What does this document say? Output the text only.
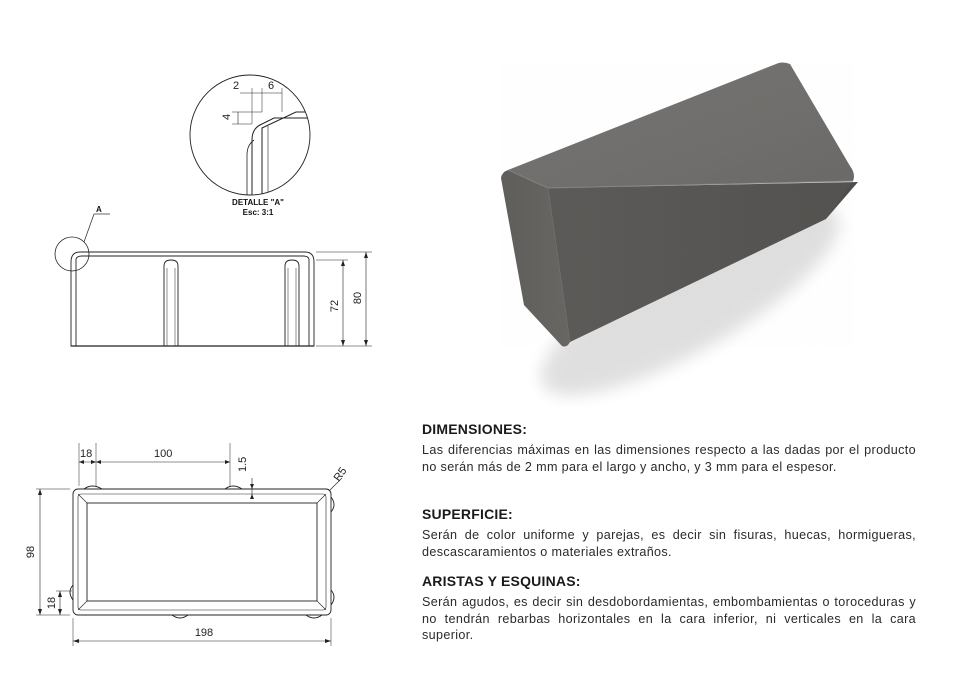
2	6
4
DETALLE "A"
Esc: 3:1
A
72
80
18	100
1.5
R5
98
18
198
DIMENSIONES:

Las diferencias máximas en las dimensiones respecto a las dadas por el producto no serán más de 2 mm para el largo y ancho, y 3 mm para el espesor.

SUPERFICIE:

Serán de color uniforme y parejas, es decir sin fisuras, huecas, hormigueras, descascaramientos o materiales extraños.

ARISTAS Y ESQUINAS:

Serán agudos, es decir sin desdobordamientas, embombamientas o toroceduras y no tendrán rebarbas horizontales en la cara inferior, ni verticales en la cara superior.
